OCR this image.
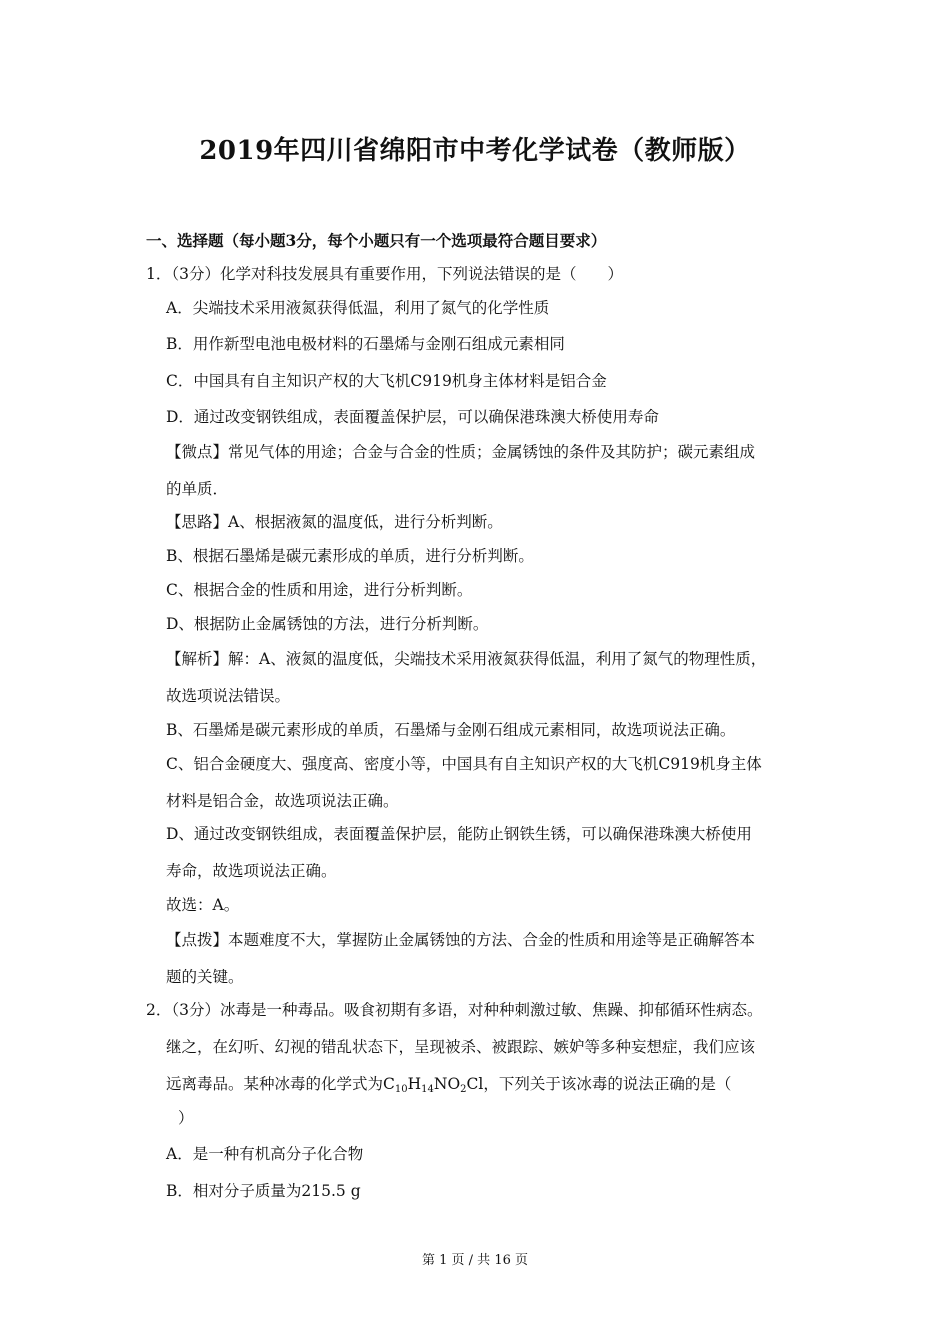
2019年四川省绵阳市中考化学试卷（教师版）
一、选择题（每小题3分，每个小题只有一个选项最符合题目要求）
1．（3分）化学对科技发展具有重要作用，下列说法错误的是（　　）
A．尖端技术采用液氮获得低温，利用了氮气的化学性质
B．用作新型电池电极材料的石墨烯与金刚石组成元素相同
C．中国具有自主知识产权的大飞机C919机身主体材料是铝合金
D．通过改变钢铁组成，表面覆盖保护层，可以确保港珠澳大桥使用寿命
【微点】常见气体的用途；合金与合金的性质；金属锈蚀的条件及其防护；碳元素组成
的单质．
【思路】A、根据液氮的温度低，进行分析判断。
B、根据石墨烯是碳元素形成的单质，进行分析判断。
C、根据合金的性质和用途，进行分析判断。
D、根据防止金属锈蚀的方法，进行分析判断。
【解析】解：A、液氮的温度低，尖端技术采用液氮获得低温，利用了氮气的物理性质，
故选项说法错误。
B、石墨烯是碳元素形成的单质，石墨烯与金刚石组成元素相同，故选项说法正确。
C、铝合金硬度大、强度高、密度小等，中国具有自主知识产权的大飞机C919机身主体
材料是铝合金，故选项说法正确。
D、通过改变钢铁组成，表面覆盖保护层，能防止钢铁生锈，可以确保港珠澳大桥使用
寿命，故选项说法正确。
故选：A。
【点拨】本题难度不大，掌握防止金属锈蚀的方法、合金的性质和用途等是正确解答本
题的关键。
2．（3分）冰毒是一种毒品。吸食初期有多语，对种种刺激过敏、焦躁、抑郁循环性病态。
继之，在幻听、幻视的错乱状态下，呈现被杀、被跟踪、嫉妒等多种妄想症，我们应该
远离毒品。某种冰毒的化学式为$C_{10}H_{14}NO_2Cl$，下列关于该冰毒的说法正确的是（
）
A．是一种有机高分子化合物
B．相对分子质量为215.5 g
第 1 页 / 共 16 页
